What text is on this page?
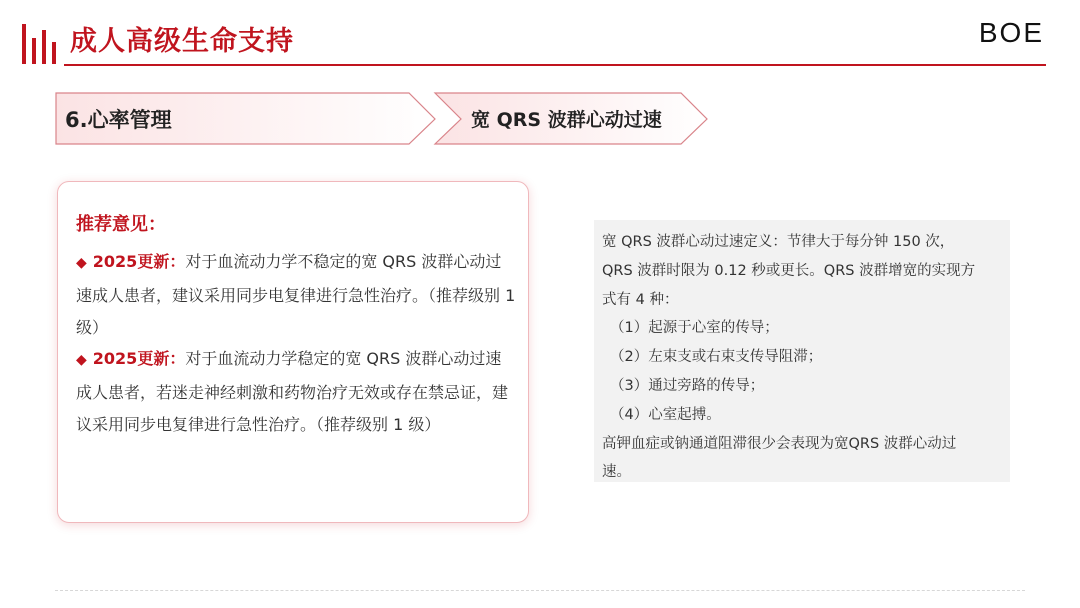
成人高级生命支持	BOE
6.心率管理	宽 QRS 波群心动过速
推荐意见：
◆ 2025更新：对于血流动力学不稳定的宽 QRS 波群心动过速成人患者，建议采用同步电复律进行急性治疗。（推荐级别 1级）
◆ 2025更新：对于血流动力学稳定的宽 QRS 波群心动过速成人患者，若迷走神经刺激和药物治疗无效或存在禁忌证，建议采用同步电复律进行急性治疗。（推荐级别 1 级）
宽 QRS 波群心动过速定义：节律大于每分钟 150 次，
QRS 波群时限为 0.12 秒或更长。QRS 波群增宽的实现方
式有 4 种：
（1）起源于心室的传导；
（2）左束支或右束支传导阻滞；
（3）通过旁路的传导；
（4）心室起搏。
高钾血症或钠通道阻滞很少会表现为宽QRS 波群心动过
速。
